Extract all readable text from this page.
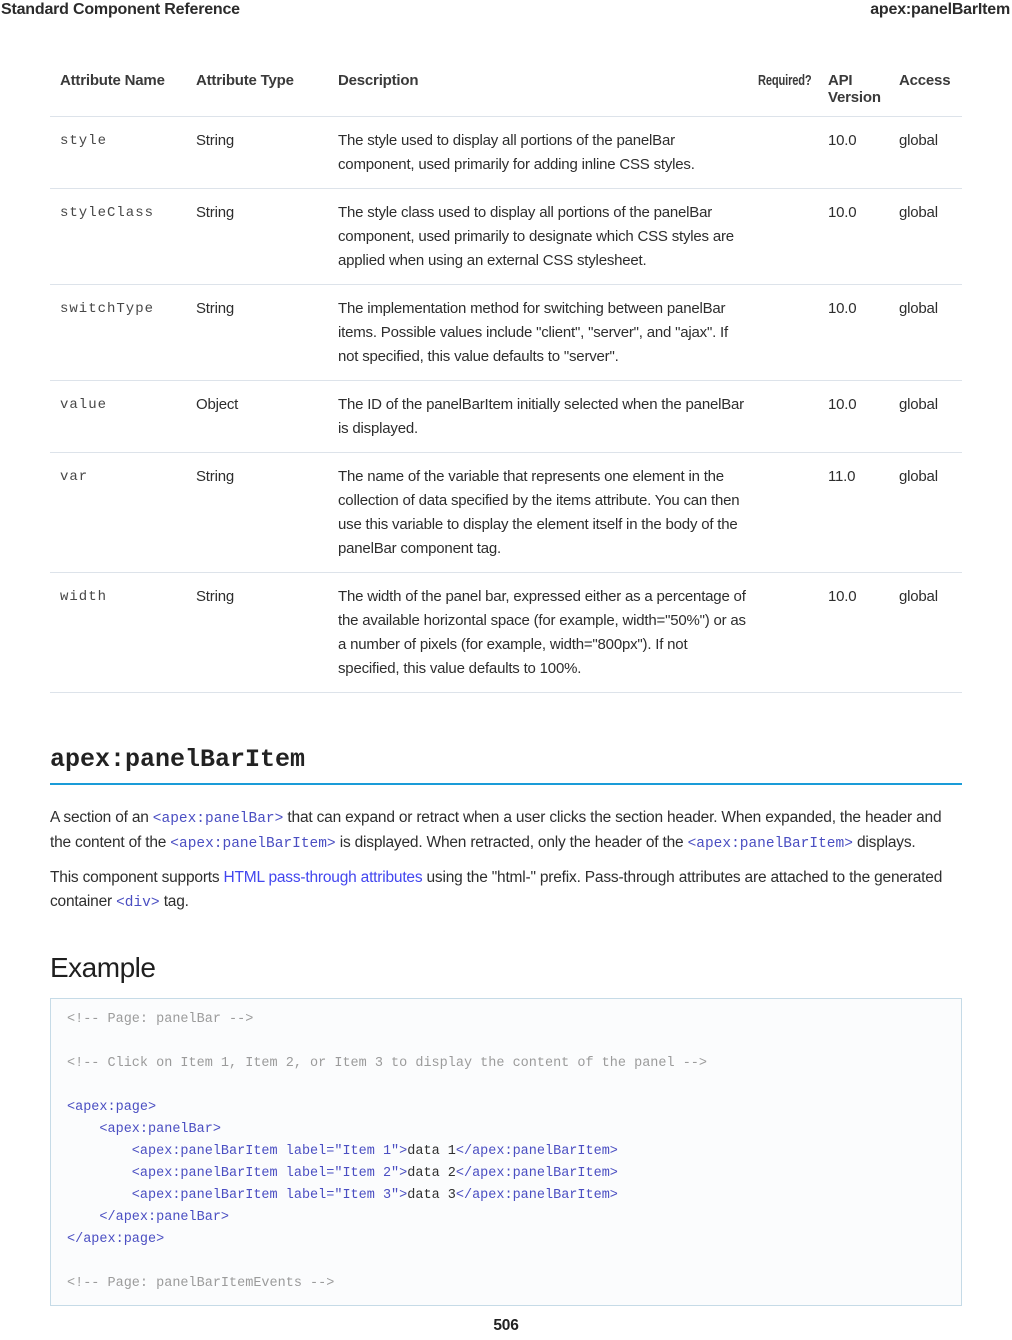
Standard Component Reference	apex:panelBarItem
Attribute Name	Attribute Type	Description	Required?	API Version	Access
style	String	The style used to display all portions of the panelBar component, used primarily for adding inline CSS styles.		10.0	global
styleClass	String	The style class used to display all portions of the panelBar component, used primarily to designate which CSS styles are applied when using an external CSS stylesheet.		10.0	global
switchType	String	The implementation method for switching between panelBar items. Possible values include "client", "server", and "ajax". If not specified, this value defaults to "server".		10.0	global
value	Object	The ID of the panelBarItem initially selected when the panelBar is displayed.		10.0	global
var	String	The name of the variable that represents one element in the collection of data specified by the items attribute. You can then use this variable to display the element itself in the body of the panelBar component tag.		11.0	global
width	String	The width of the panel bar, expressed either as a percentage of the available horizontal space (for example, width="50%") or as a number of pixels (for example, width="800px"). If not specified, this value defaults to 100%.		10.0	global
apex:panelBarItem

A section of an <apex:panelBar> that can expand or retract when a user clicks the section header. When expanded, the header and the content of the <apex:panelBarItem> is displayed. When retracted, only the header of the <apex:panelBarItem> displays.

This component supports HTML pass-through attributes using the "html-" prefix. Pass-through attributes are attached to the generated container <div> tag.

Example
<!-- Page: panelBar -->

<!-- Click on Item 1, Item 2, or Item 3 to display the content of the panel -->

<apex:page>
<apex:panelBar>
<apex:panelBarItem label="Item 1">data 1</apex:panelBarItem>
<apex:panelBarItem label="Item 2">data 2</apex:panelBarItem>
<apex:panelBarItem label="Item 3">data 3</apex:panelBarItem>
</apex:panelBar>
</apex:page>

<!-- Page: panelBarItemEvents -->
506
